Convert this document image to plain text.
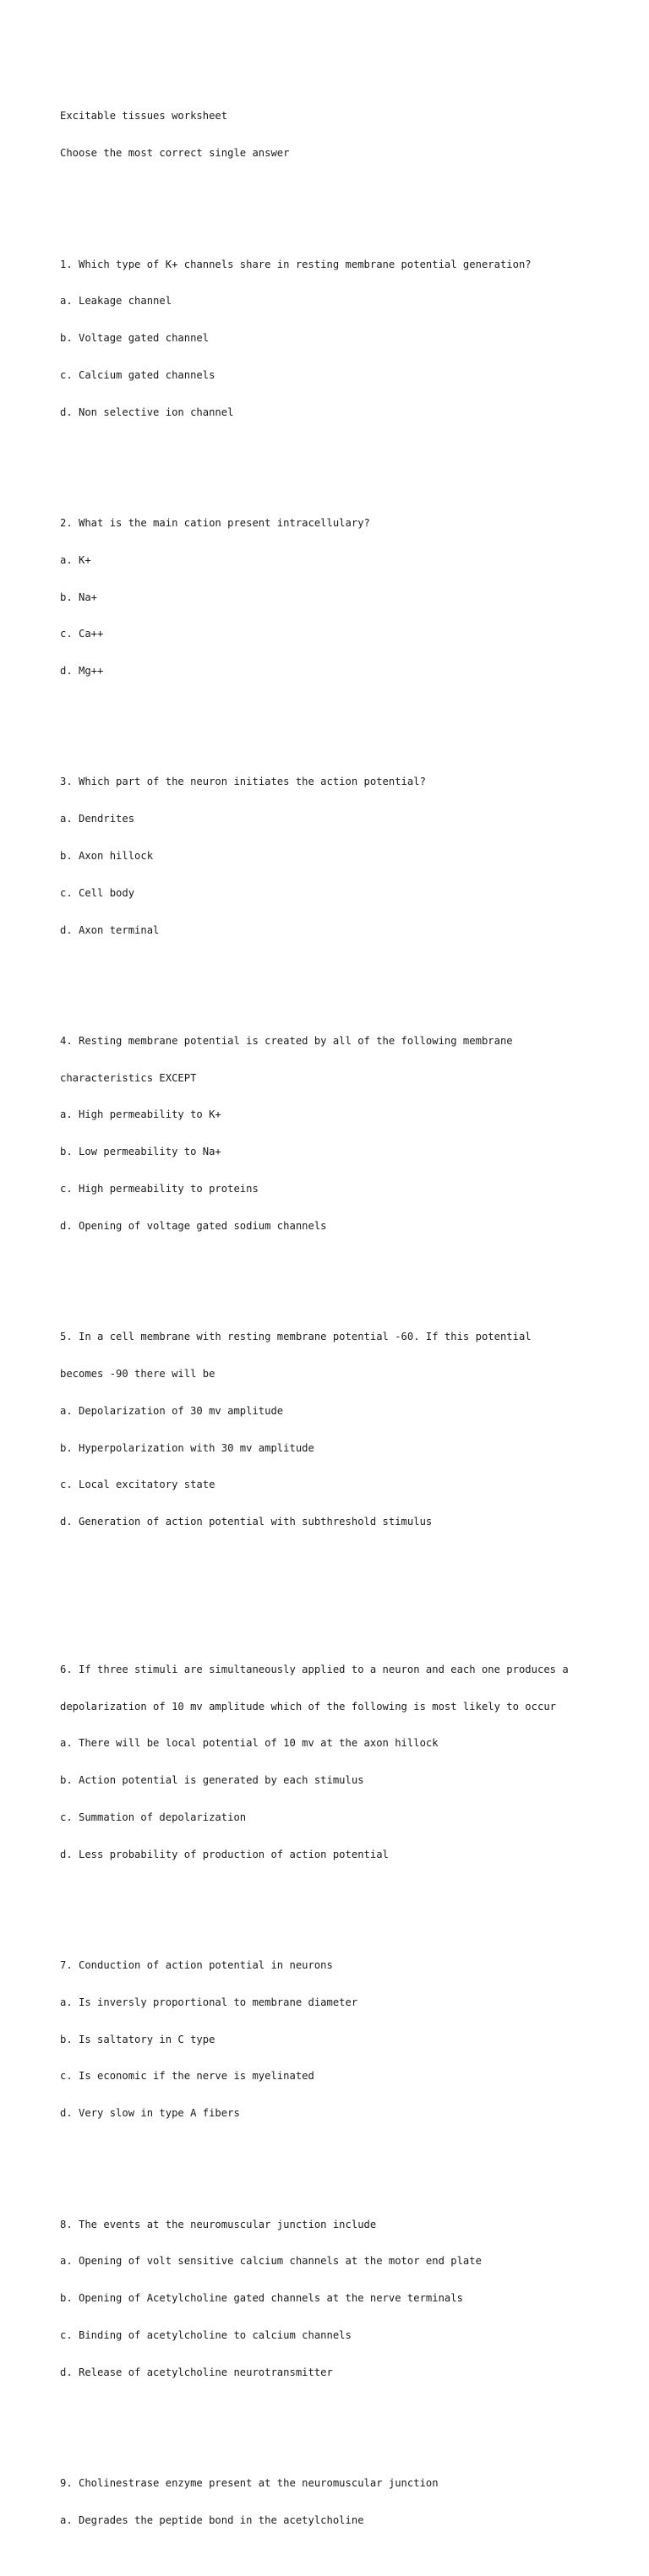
Excitable tissues worksheet

Choose the most correct single answer

1. Which type of K+ channels share in resting membrane potential generation?

a. Leakage channel

b. Voltage gated channel

c. Calcium gated channels

d. Non selective ion channel

2. What is the main cation present intracellulary?

a. K+

b. Na+

c. Ca++

d. Mg++

3. Which part of the neuron initiates the action potential?

a. Dendrites

b. Axon hillock

c. Cell body

d. Axon terminal

4. Resting membrane potential is created by all of the following membrane

characteristics EXCEPT

a. High permeability to K+

b. Low permeability to Na+

c. High permeability to proteins

d. Opening of voltage gated sodium channels

5. In a cell membrane with resting membrane potential -60. If this potential

becomes -90 there will be

a. Depolarization of 30 mv amplitude

b. Hyperpolarization with 30 mv amplitude

c. Local excitatory state

d. Generation of action potential with subthreshold stimulus

6. If three stimuli are simultaneously applied to a neuron and each one produces a

depolarization of 10 mv amplitude which of the following is most likely to occur

a. There will be local potential of 10 mv at the axon hillock

b. Action potential is generated by each stimulus

c. Summation of depolarization

d. Less probability of production of action potential

7. Conduction of action potential in neurons

a. Is inversly proportional to membrane diameter

b. Is saltatory in C type

c. Is economic if the nerve is myelinated

d. Very slow in type A fibers

8. The events at the neuromuscular junction include

a. Opening of volt sensitive calcium channels at the motor end plate

b. Opening of Acetylcholine gated channels at the nerve terminals

c. Binding of acetylcholine to calcium channels

d. Release of acetylcholine neurotransmitter

9. Cholinestrase enzyme present at the neuromuscular junction

a. Degrades the peptide bond in the acetylcholine
